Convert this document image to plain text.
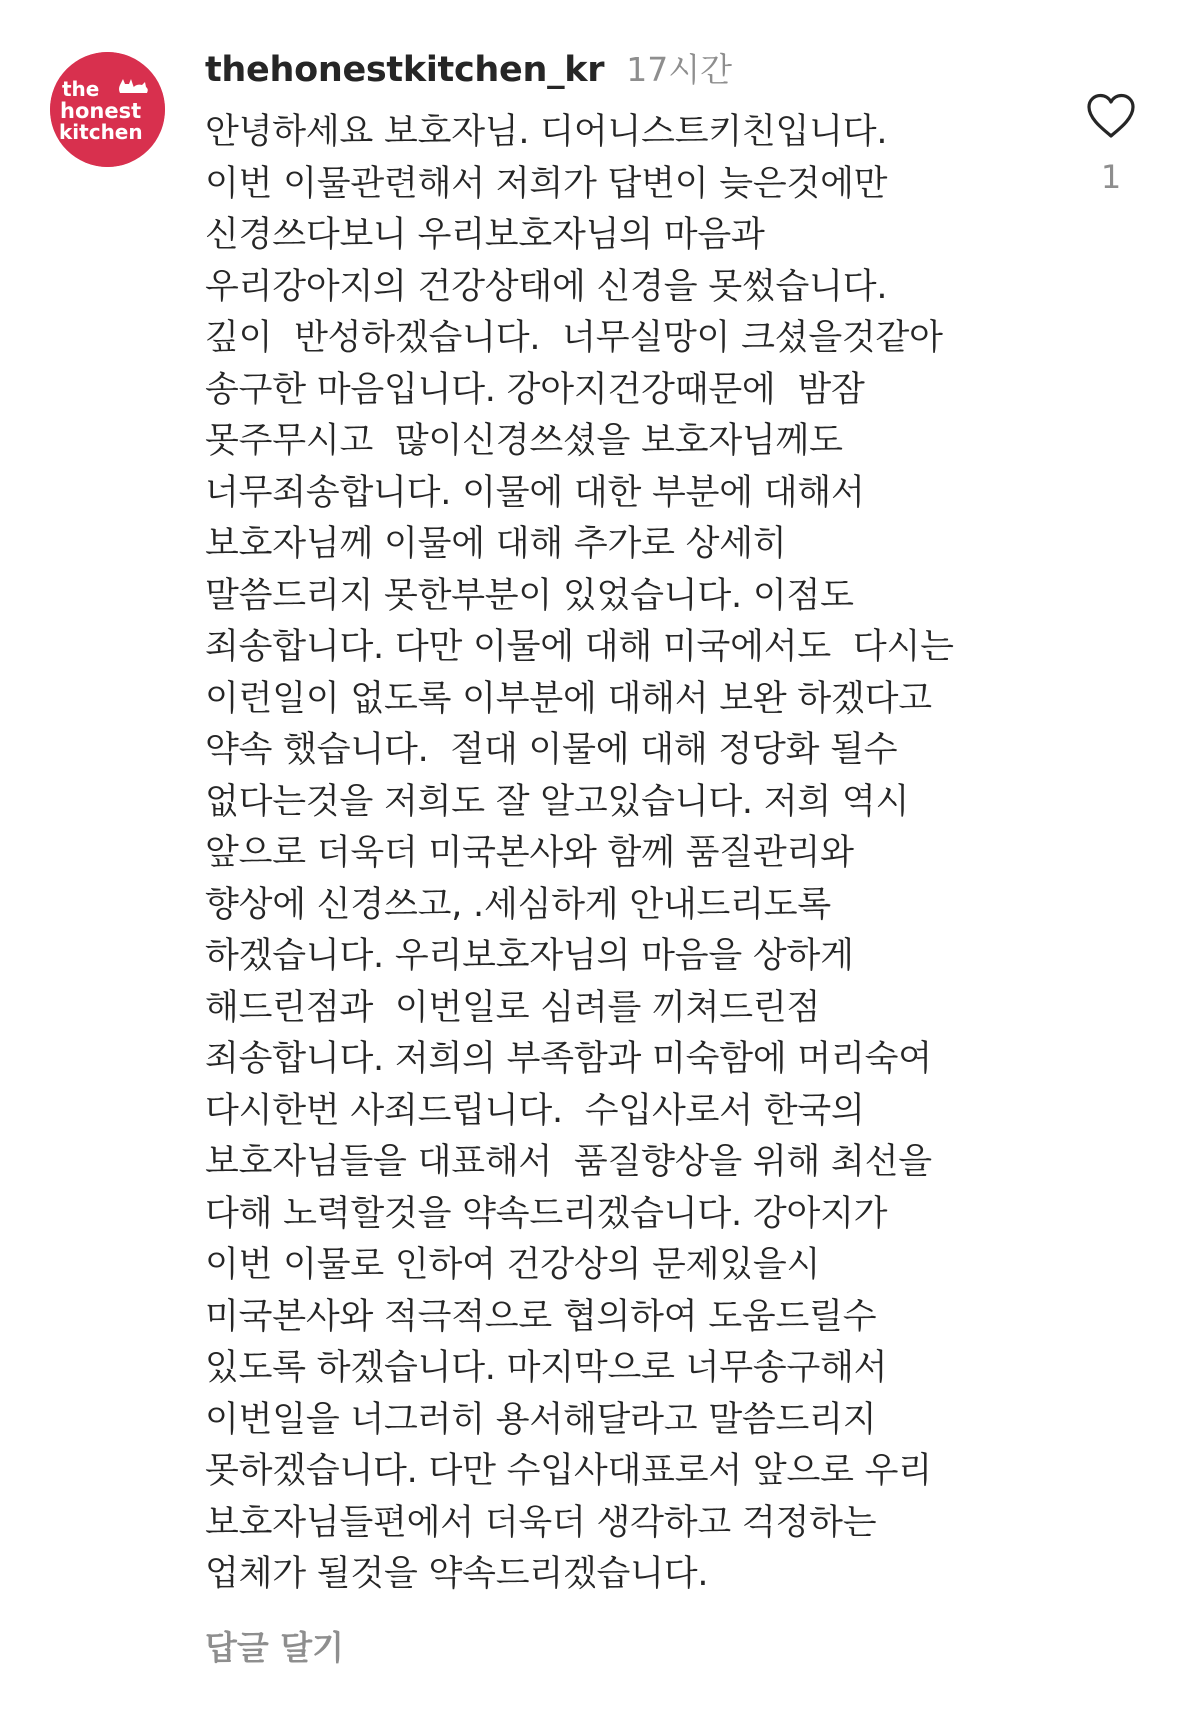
the
honest
kitchen
thehonestkitchen_kr 17시간
안녕하세요 보호자님. 디어니스트키친입니다.
이번 이물관련해서 저희가 답변이 늦은것에만
신경쓰다보니 우리보호자님의 마음과
우리강아지의 건강상태에 신경을 못썼습니다.
깊이  반성하겠습니다.  너무실망이 크셨을것같아
송구한 마음입니다. 강아지건강때문에  밤잠
못주무시고  많이신경쓰셨을 보호자님께도
너무죄송합니다. 이물에 대한 부분에 대해서
보호자님께 이물에 대해 추가로 상세히
말씀드리지 못한부분이 있었습니다. 이점도
죄송합니다. 다만 이물에 대해 미국에서도  다시는
이런일이 없도록 이부분에 대해서 보완 하겠다고
약속 했습니다.  절대 이물에 대해 정당화 될수
없다는것을 저희도 잘 알고있습니다. 저희 역시
앞으로 더욱더 미국본사와 함께 품질관리와
향상에 신경쓰고, .세심하게 안내드리도록
하겠습니다. 우리보호자님의 마음을 상하게
해드린점과  이번일로 심려를 끼쳐드린점
죄송합니다. 저희의 부족함과 미숙함에 머리숙여
다시한번 사죄드립니다.  수입사로서 한국의
보호자님들을 대표해서  품질향상을 위해 최선을
다해 노력할것을 약속드리겠습니다. 강아지가
이번 이물로 인하여 건강상의 문제있을시
미국본사와 적극적으로 협의하여 도움드릴수
있도록 하겠습니다. 마지막으로 너무송구해서
이번일을 너그러히 용서해달라고 말씀드리지
못하겠습니다. 다만 수입사대표로서 앞으로 우리
보호자님들편에서 더욱더 생각하고 걱정하는
업체가 될것을 약속드리겠습니다.
1
답글 달기
